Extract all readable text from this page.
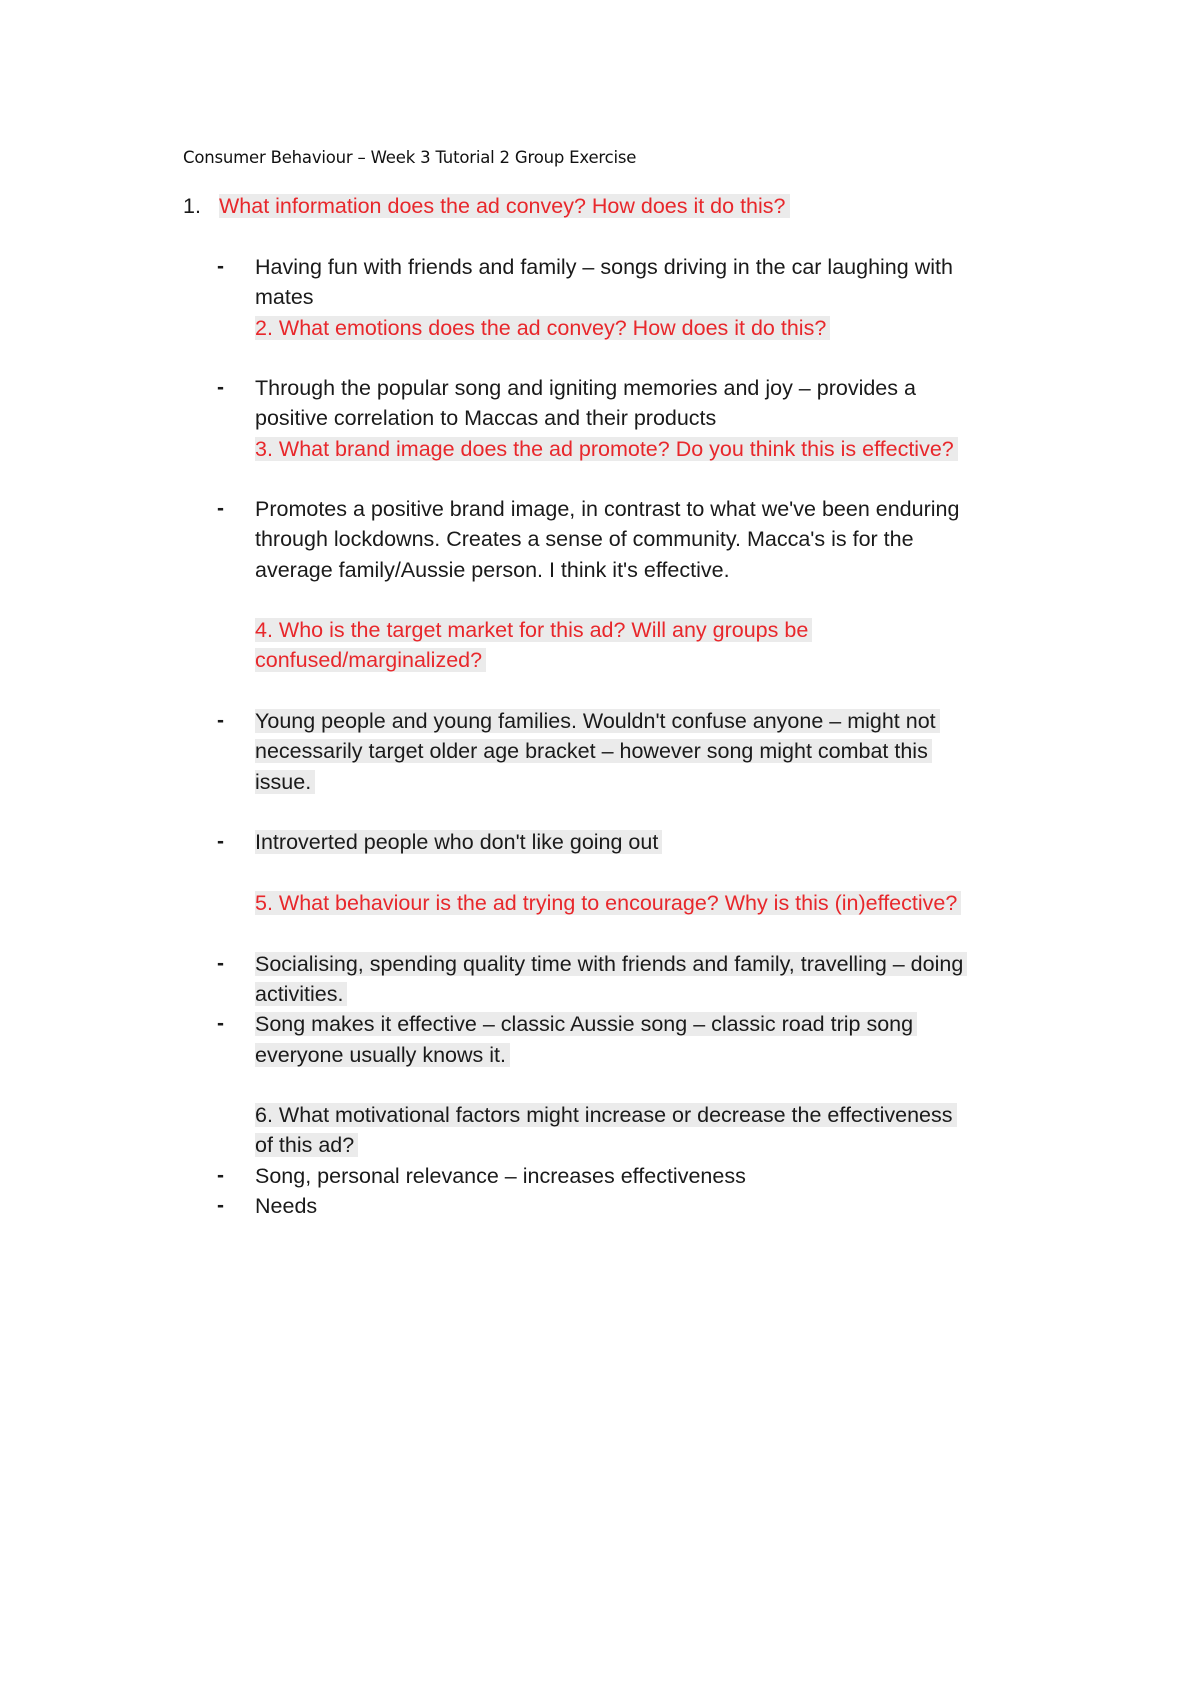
Consumer Behaviour – Week 3 Tutorial 2 Group Exercise
1. What information does the ad convey? How does it do this?
- Having fun with friends and family – songs driving in the car laughing with
mates
2. What emotions does the ad convey? How does it do this?
- Through the popular song and igniting memories and joy – provides a
positive correlation to Maccas and their products
3. What brand image does the ad promote? Do you think this is effective?
- Promotes a positive brand image, in contrast to what we've been enduring
through lockdowns. Creates a sense of community. Macca's is for the
average family/Aussie person. I think it's effective.
4. Who is the target market for this ad? Will any groups be
confused/marginalized?
- Young people and young families. Wouldn't confuse anyone – might not
necessarily target older age bracket – however song might combat this
issue.
- Introverted people who don't like going out
5. What behaviour is the ad trying to encourage? Why is this (in)effective?
- Socialising, spending quality time with friends and family, travelling – doing
activities.
- Song makes it effective – classic Aussie song – classic road trip song
everyone usually knows it.
6. What motivational factors might increase or decrease the effectiveness
of this ad?
- Song, personal relevance – increases effectiveness
- Needs
